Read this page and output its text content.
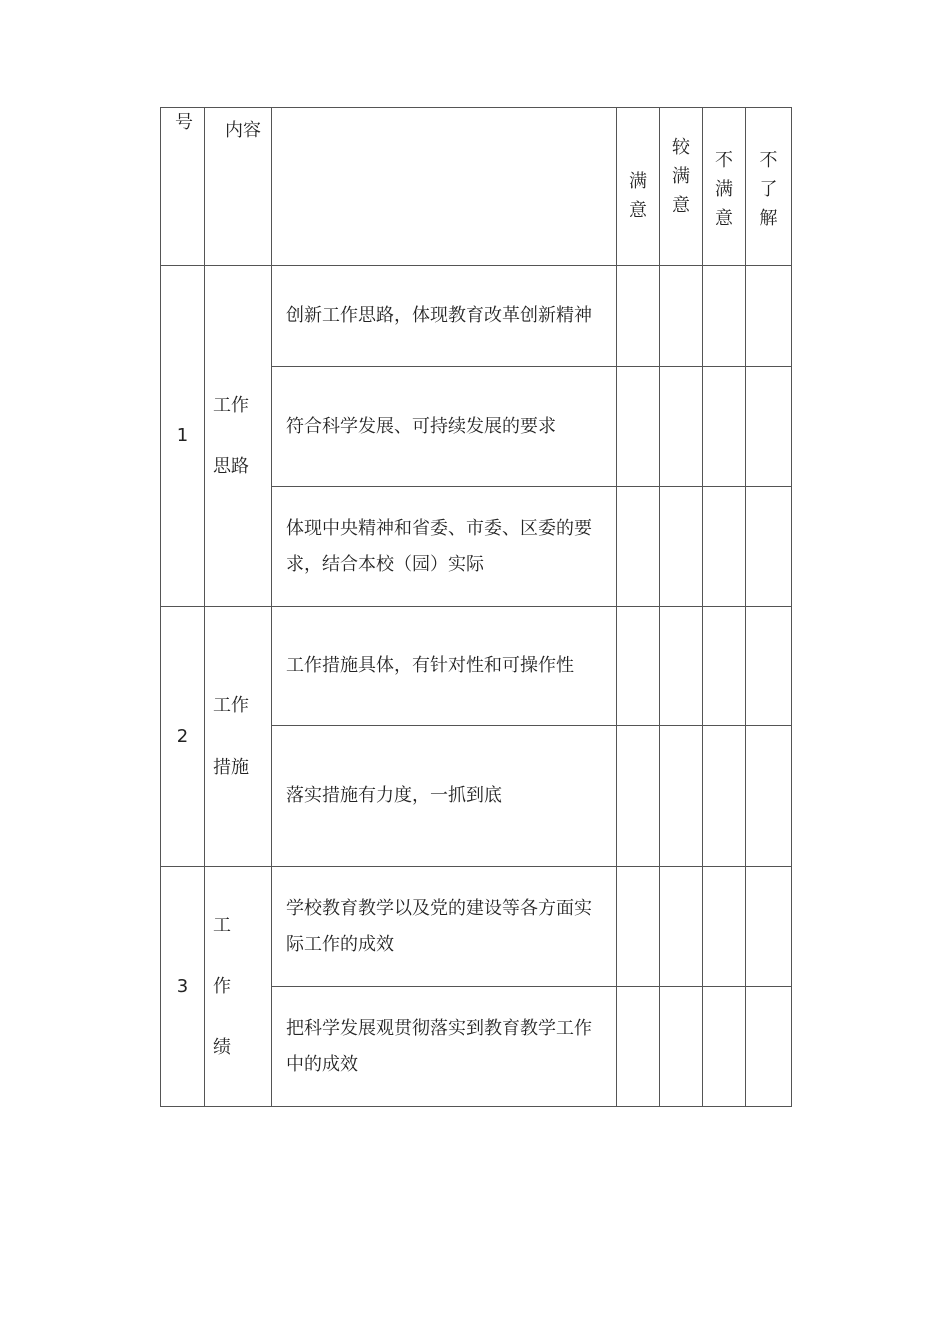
号	内容		满意	较满意	不满意	不了解

1	工作思路	创新工作思路，体现教育改革创新精神				
		符合科学发展、可持续发展的要求				
		体现中央精神和省委、市委、区委的要求，结合本校（园）实际				
2	工作措施	工作措施具体，有针对性和可操作性				
		落实措施有力度，一抓到底				
3	工作绩	学校教育教学以及党的建设等各方面实际工作的成效				
		把科学发展观贯彻落实到教育教学工作中的成效				
